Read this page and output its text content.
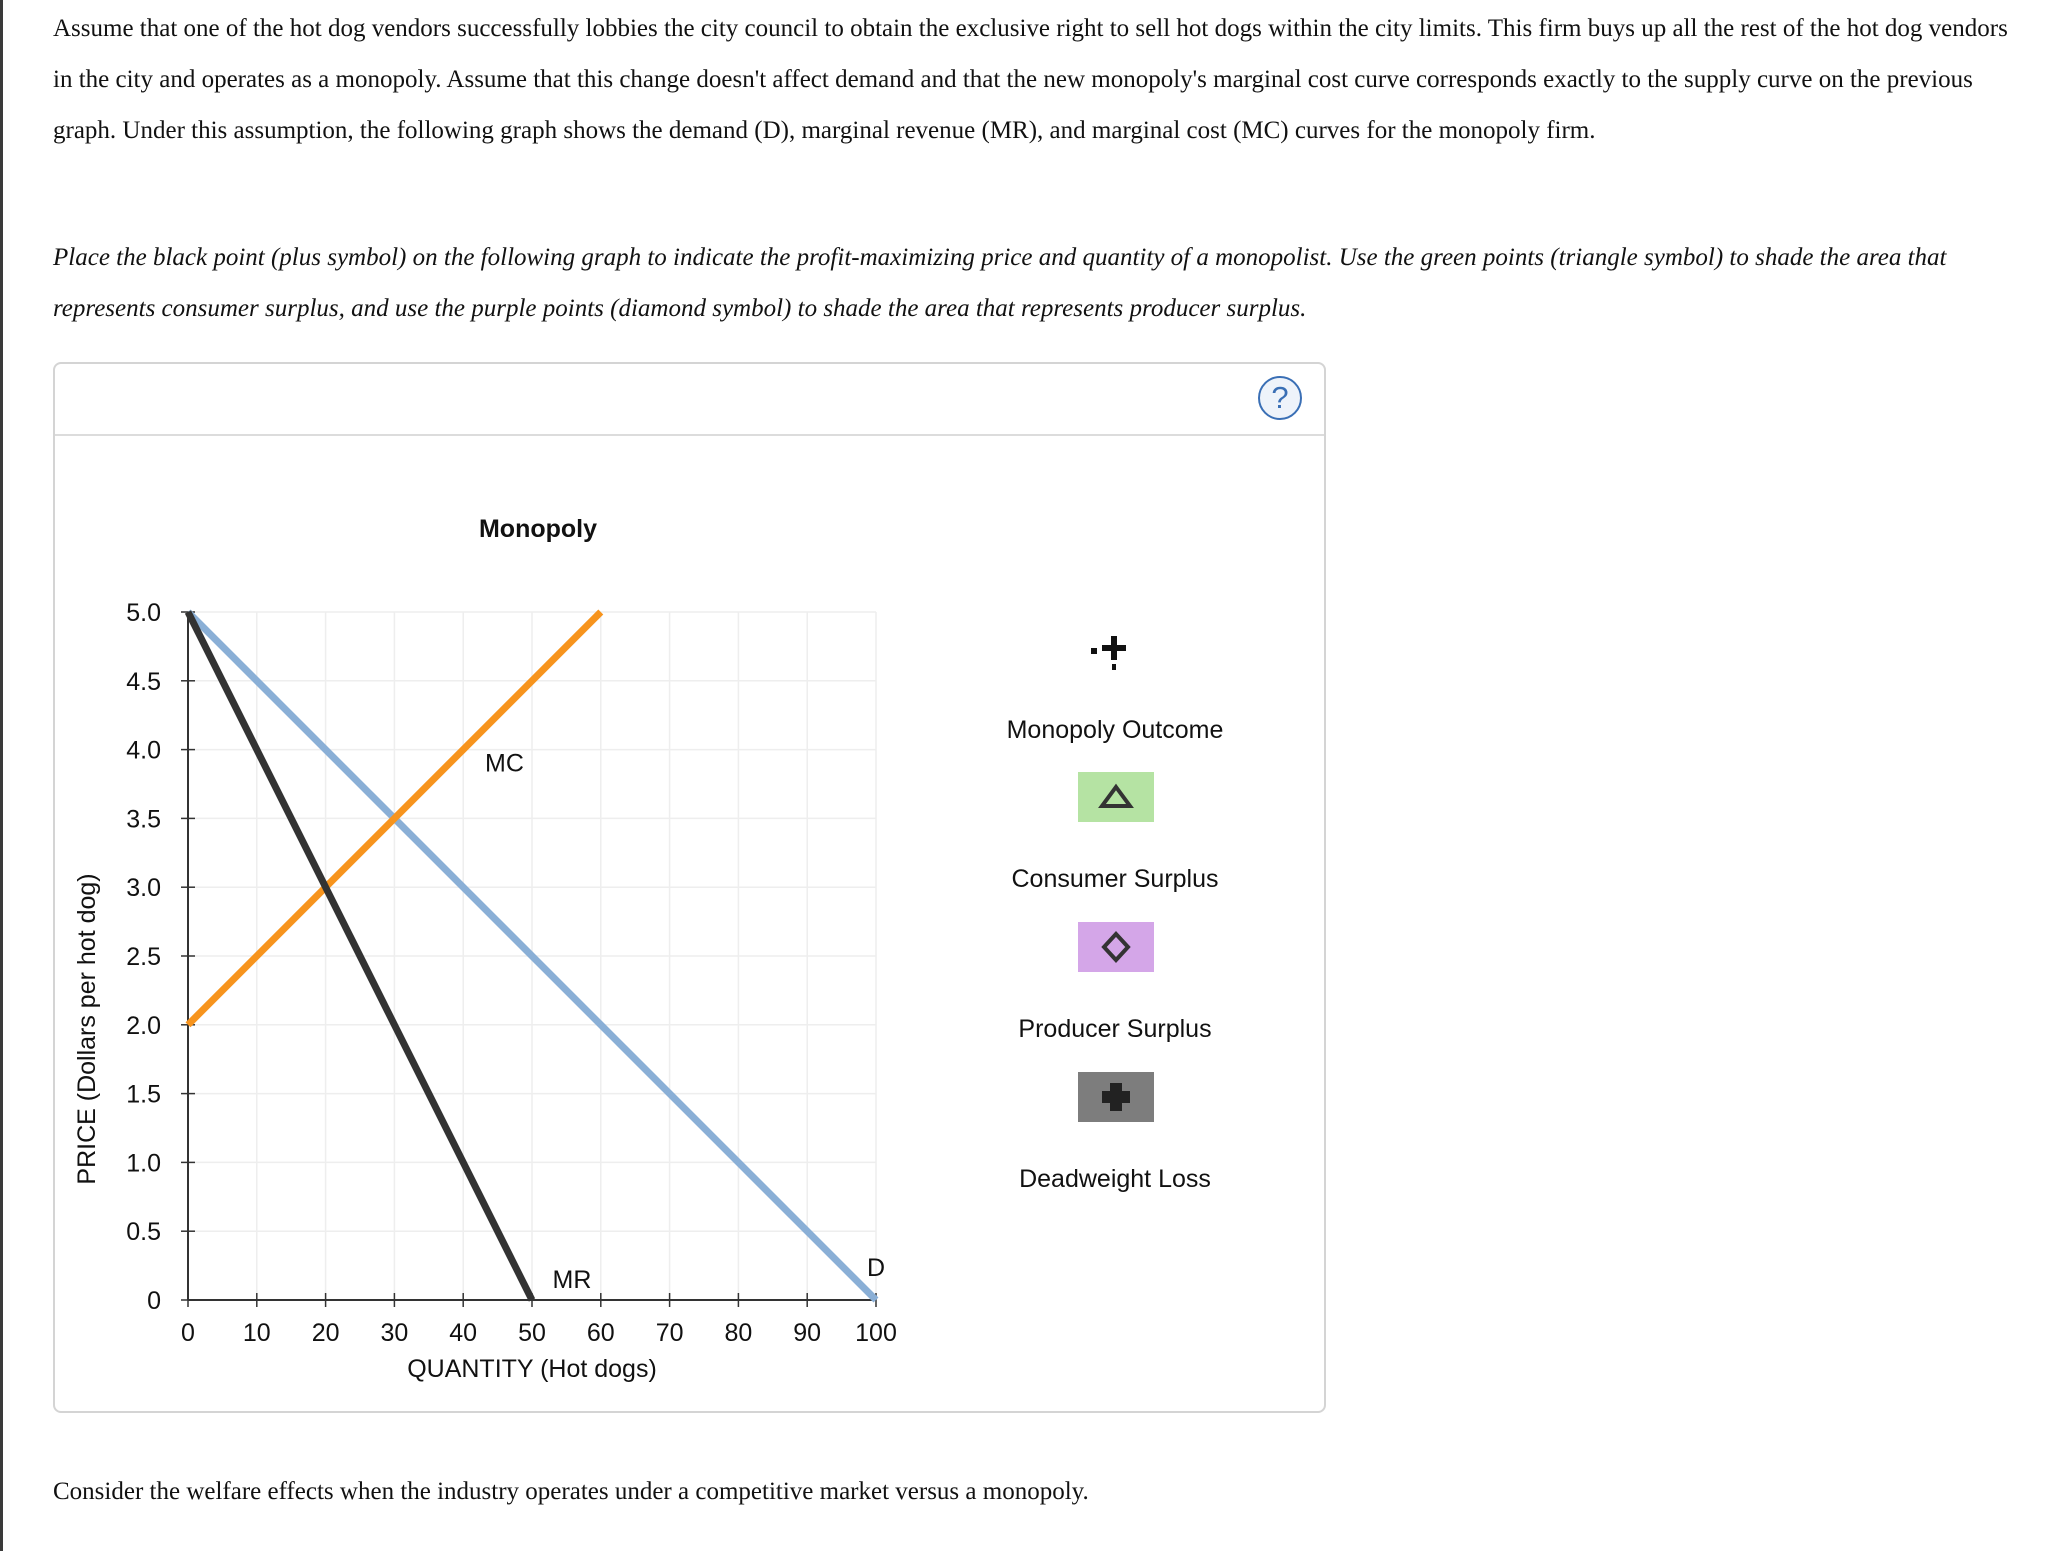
Assume that one of the hot dog vendors successfully lobbies the city council to obtain the exclusive right to sell hot dogs within the city limits. This firm buys up all the rest of the hot dog vendors in the city and operates as a monopoly. Assume that this change doesn't affect demand and that the new monopoly's marginal cost curve corresponds exactly to the supply curve on the previous graph. Under this assumption, the following graph shows the demand (D), marginal revenue (MR), and marginal cost (MC) curves for the monopoly firm.

Place the black point (plus symbol) on the following graph to indicate the profit-maximizing price and quantity of a monopolist. Use the green points (triangle symbol) to shade the area that represents consumer surplus, and use the purple points (diamond symbol) to shade the area that represents producer surplus.

?
Monopoly
0 10 20 30 40 50 60 70 80 90 100
0
0.5
1.0
1.5
2.0
2.5
3.0
3.5
4.0
4.5
5.0
D
MR
MC
QUANTITY (Hot dogs)
PRICE (Dollars per hot dog)
Monopoly Outcome
Consumer Surplus
Producer Surplus
Deadweight Loss

Consider the welfare effects when the industry operates under a competitive market versus a monopoly.
